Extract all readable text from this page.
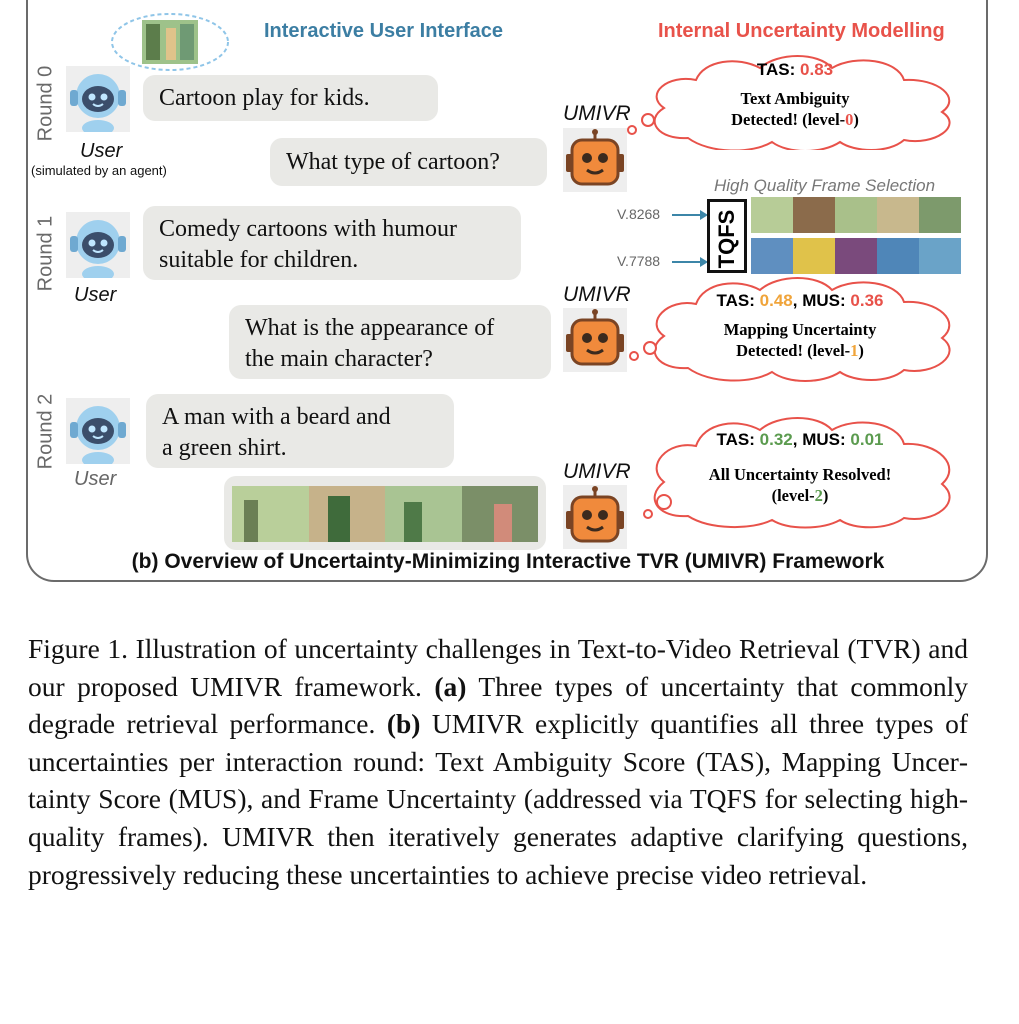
Interactive User Interface	Internal Uncertainty Modelling
Round 0
Round 1
Round 2
User
(simulated by an agent)
User
User
Cartoon play for kids.
What type of cartoon?
Comedy cartoons with humour
suitable for children.
What is the appearance of
the main character?
A man with a beard and
a green shirt.
UMIVR
UMIVR
UMIVR
TAS: 0.83
Text Ambiguity
Detected! (level-0)
TAS: 0.48, MUS: 0.36
Mapping Uncertainty
Detected! (level-1)
TAS: 0.32, MUS: 0.01
All Uncertainty Resolved!
(level-2)
High Quality Frame Selection
V.8268
V.7788 TQFS
(b) Overview of Uncertainty-Minimizing Interactive TVR (UMIVR) Framework

Figure 1. Illustration of uncertainty challenges in Text-to-Video Retrieval (TVR) and our proposed UMIVR framework. (a) Three types of uncertainty that commonly degrade retrieval performance. (b) UMIVR explicitly quantifies all three types of uncertainties per interaction round: Text Ambiguity Score (TAS), Mapping Uncertainty Score (MUS), and Frame Uncertainty (addressed via TQFS for selecting high-quality frames). UMIVR then iteratively generates adaptive clarifying questions, progressively reducing these uncertainties to achieve precise video retrieval.
